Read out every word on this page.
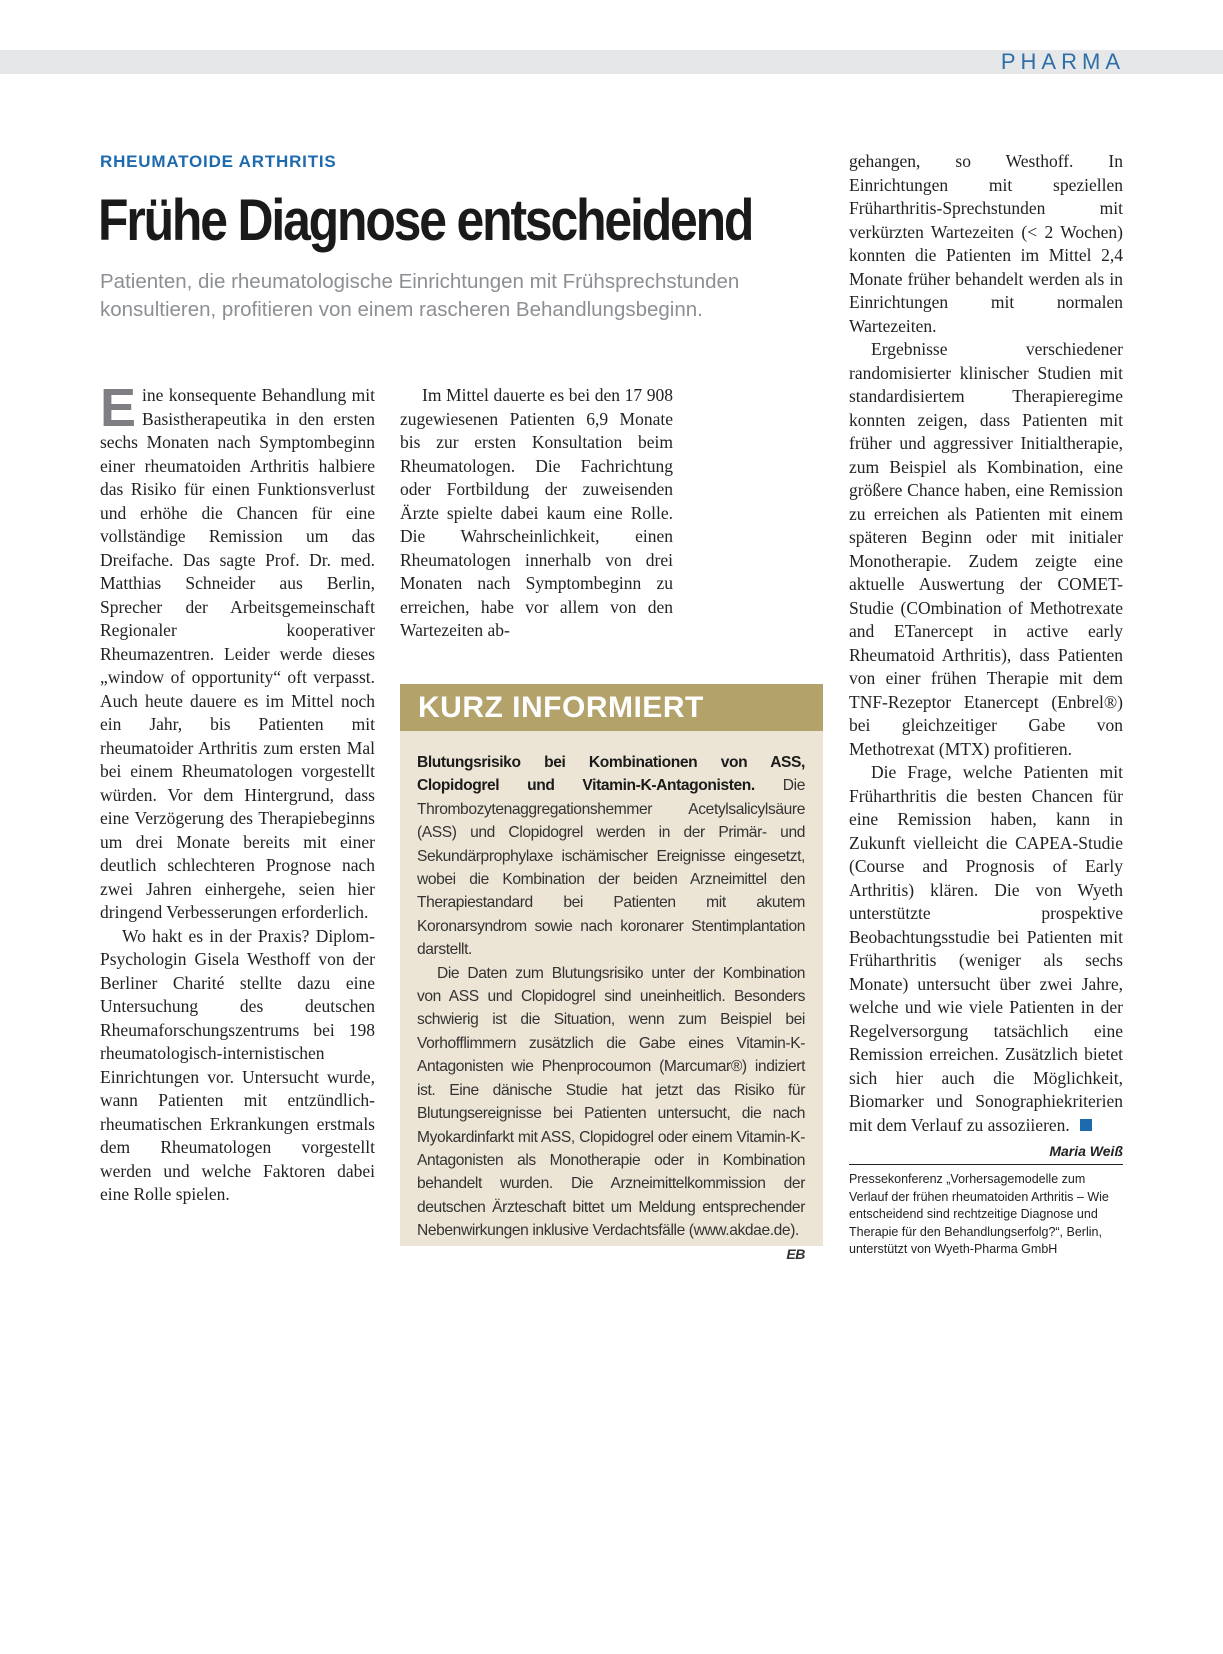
PHARMA
RHEUMATOIDE ARTHRITIS
Frühe Diagnose entscheidend

Patienten, die rheumatologische Einrichtungen mit Frühsprechstunden konsultieren, profitieren von einem rascheren Behandlungsbeginn.

Eine konsequente Behandlung mit Basistherapeutika in den ersten sechs Monaten nach Symptombeginn einer rheumatoiden Arthritis halbiere das Risiko für einen Funktionsverlust und erhöhe die Chancen für eine vollständige Remission um das Dreifache. Das sagte Prof. Dr. med. Matthias Schneider aus Berlin, Sprecher der Arbeitsgemeinschaft Regionaler kooperativer Rheumazentren. Leider werde dieses „window of opportunity“ oft verpasst. Auch heute dauere es im Mittel noch ein Jahr, bis Patienten mit rheumatoider Arthritis zum ersten Mal bei einem Rheumatologen vorgestellt würden. Vor dem Hintergrund, dass eine Verzögerung des Therapiebeginns um drei Monate bereits mit einer deutlich schlechteren Prognose nach zwei Jahren einhergehe, seien hier dringend Verbesserungen erforderlich.

Wo hakt es in der Praxis? Diplom-Psychologin Gisela Westhoff von der Berliner Charité stellte dazu eine Untersuchung des deutschen Rheumaforschungszentrums bei 198 rheumatologisch-internistischen Einrichtungen vor. Untersucht wurde, wann Patienten mit entzündlich-rheumatischen Erkrankungen erstmals dem Rheumatologen vorgestellt werden und welche Faktoren dabei eine Rolle spielen.

Im Mittel dauerte es bei den 17 908 zugewiesenen Patienten 6,9 Monate bis zur ersten Konsultation beim Rheumatologen. Die Fachrichtung oder Fortbildung der zuweisenden Ärzte spielte dabei kaum eine Rolle. Die Wahrscheinlichkeit, einen Rheumatologen innerhalb von drei Monaten nach Symptombeginn zu erreichen, habe vor allem von den Wartezeiten ab-

KURZ INFORMIERT

Blutungsrisiko bei Kombinationen von ASS, Clopidogrel und Vitamin-K-Antagonisten. Die Thrombozytenaggregationshemmer Acetylsalicylsäure (ASS) und Clopidogrel werden in der Primär- und Sekundärprophylaxe ischämischer Ereignisse eingesetzt, wobei die Kombination der beiden Arzneimittel den Therapiestandard bei Patienten mit akutem Koronarsyndrom sowie nach koronarer Stentimplantation darstellt.

Die Daten zum Blutungsrisiko unter der Kombination von ASS und Clopidogrel sind uneinheitlich. Besonders schwierig ist die Situation, wenn zum Beispiel bei Vorhofflimmern zusätzlich die Gabe eines Vitamin-K-Antagonisten wie Phenprocoumon (Marcumar®) indiziert ist. Eine dänische Studie hat jetzt das Risiko für Blutungsereignisse bei Patienten untersucht, die nach Myokardinfarkt mit ASS, Clopidogrel oder einem Vitamin-K-Antagonisten als Monotherapie oder in Kombination behandelt wurden. Die Arzneimittelkommission der deutschen Ärzteschaft bittet um Meldung entsprechender Nebenwirkungen inklusive Verdachtsfälle (www.akdae.de).
EB

gehangen, so Westhoff. In Einrichtungen mit speziellen Früharthritis-Sprechstunden mit verkürzten Wartezeiten (< 2 Wochen) konnten die Patienten im Mittel 2,4 Monate früher behandelt werden als in Einrichtungen mit normalen Wartezeiten.

Ergebnisse verschiedener randomisierter klinischer Studien mit standardisiertem Therapieregime konnten zeigen, dass Patienten mit früher und aggressiver Initialtherapie, zum Beispiel als Kombination, eine größere Chance haben, eine Remission zu erreichen als Patienten mit einem späteren Beginn oder mit initialer Monotherapie. Zudem zeigte eine aktuelle Auswertung der COMET-Studie (COmbination of Methotrexate and ETanercept in active early Rheumatoid Arthritis), dass Patienten von einer frühen Therapie mit dem TNF-Rezeptor Etanercept (Enbrel®) bei gleichzeitiger Gabe von Methotrexat (MTX) profitieren.

Die Frage, welche Patienten mit Früharthritis die besten Chancen für eine Remission haben, kann in Zukunft vielleicht die CAPEA-Studie (Course and Prognosis of Early Arthritis) klären. Die von Wyeth unterstützte prospektive Beobachtungsstudie bei Patienten mit Früharthritis (weniger als sechs Monate) untersucht über zwei Jahre, welche und wie viele Patienten in der Regelversorgung tatsächlich eine Remission erreichen. Zusätzlich bietet sich hier auch die Möglichkeit, Biomarker und Sonographiekriterien mit dem Verlauf zu assoziieren.

Maria Weiß
Pressekonferenz „Vorhersagemodelle zum Verlauf der frühen rheumatoiden Arthritis – Wie entscheidend sind rechtzeitige Diagnose und Therapie für den Behandlungserfolg?“, Berlin, unterstützt von Wyeth-Pharma GmbH
